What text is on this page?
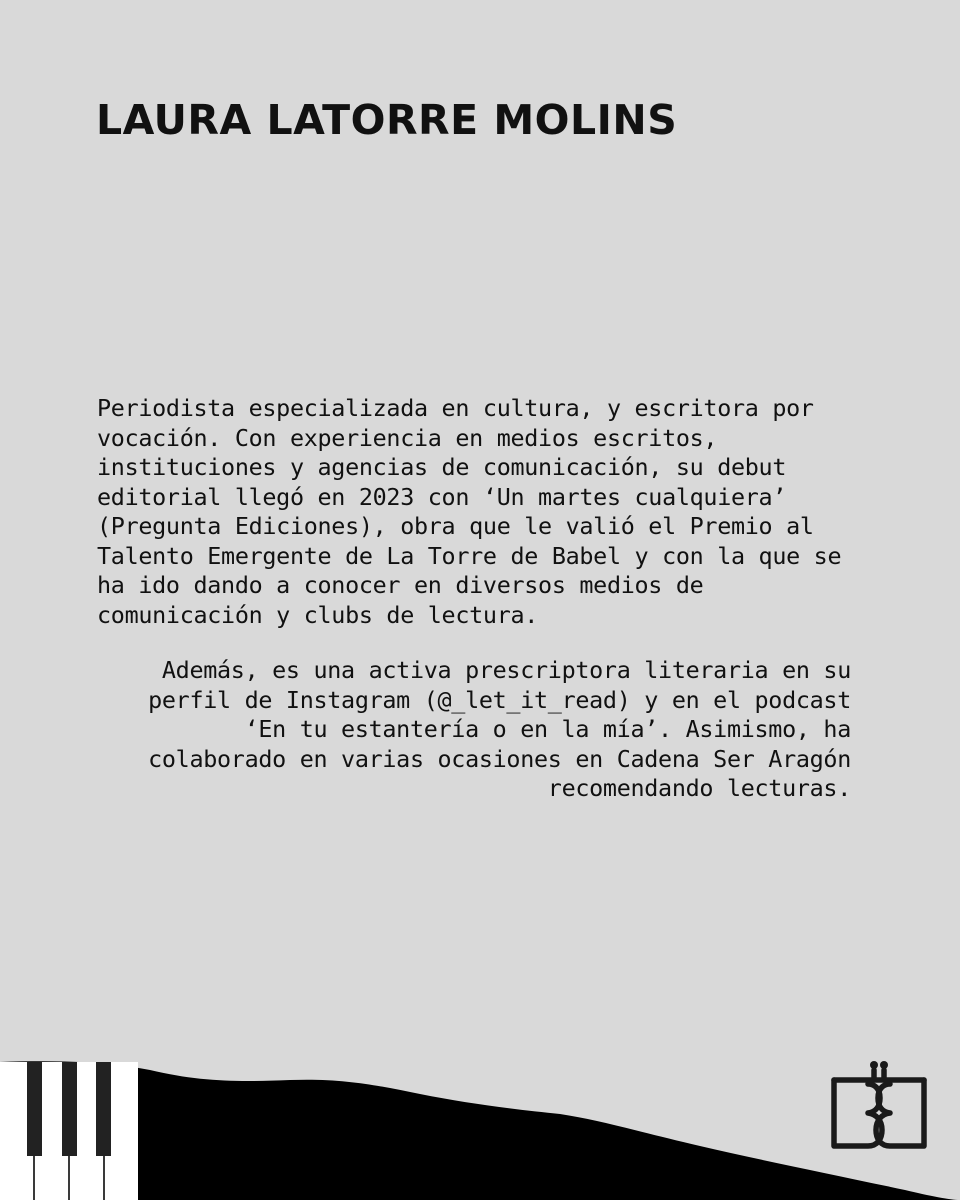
LAURA LATORRE MOLINS

Periodista especializada en cultura, y escritora por vocación. Con experiencia en medios escritos, instituciones y agencias de comunicación, su debut editorial llegó en 2023 con ‘Un martes cualquiera’ (Pregunta Ediciones), obra que le valió el Premio al Talento Emergente de La Torre de Babel y con la que se ha ido dando a conocer en diversos medios de comunicación y clubs de lectura.

Además, es una activa prescriptora literaria en su perfil de Instagram (@_let_it_read) y en el podcast ‘En tu estantería o en la mía’. Asimismo, ha colaborado en varias ocasiones en Cadena Ser Aragón recomendando lecturas.
